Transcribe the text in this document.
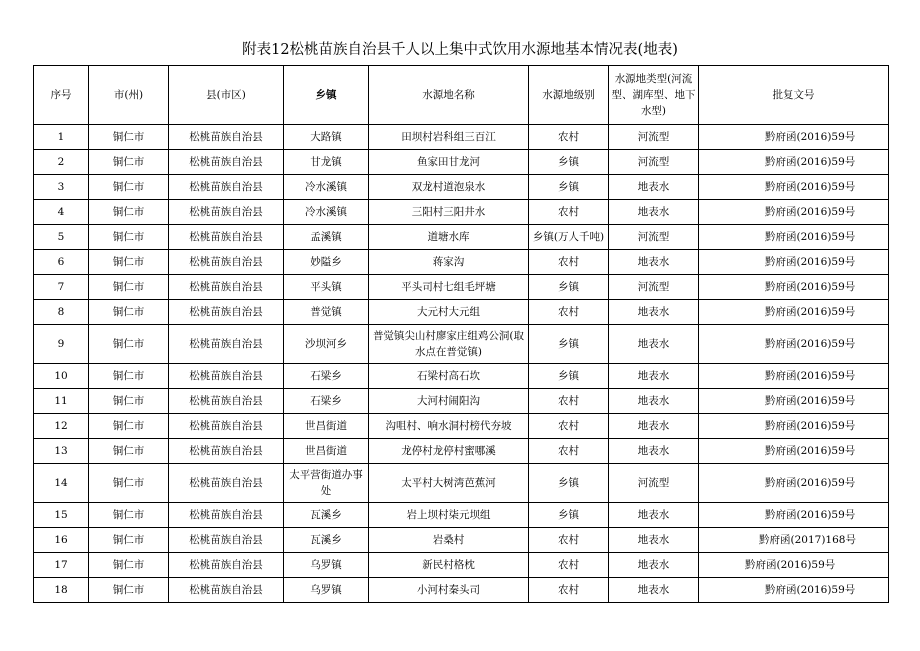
附表12松桃苗族自治县千人以上集中式饮用水源地基本情况表(地表)
序号	市(州)	县(市区)	乡镇	水源地名称	水源地级别	水源地类型(河流型、湖库型、地下水型)	批复文号
1	铜仁市	松桃苗族自治县	大路镇	田坝村岩科组三百江	农村	河流型	黔府函(2016)59号
2	铜仁市	松桃苗族自治县	甘龙镇	鱼家田甘龙河	乡镇	河流型	黔府函(2016)59号
3	铜仁市	松桃苗族自治县	冷水溪镇	双龙村道泡泉水	乡镇	地表水	黔府函(2016)59号
4	铜仁市	松桃苗族自治县	冷水溪镇	三阳村三阳井水	农村	地表水	黔府函(2016)59号
5	铜仁市	松桃苗族自治县	孟溪镇	道塘水库	乡镇(万人千吨)	河流型	黔府函(2016)59号
6	铜仁市	松桃苗族自治县	妙隘乡	蒋家沟	农村	地表水	黔府函(2016)59号
7	铜仁市	松桃苗族自治县	平头镇	平头司村七组毛坪塘	乡镇	河流型	黔府函(2016)59号
8	铜仁市	松桃苗族自治县	普觉镇	大元村大元组	农村	地表水	黔府函(2016)59号
9	铜仁市	松桃苗族自治县	沙坝河乡	普觉镇尖山村廖家庄组鸡公洞(取水点在普觉镇)	乡镇	地表水	黔府函(2016)59号
10	铜仁市	松桃苗族自治县	石梁乡	石梁村高石坎	乡镇	地表水	黔府函(2016)59号
11	铜仁市	松桃苗族自治县	石梁乡	大河村闹阳沟	农村	地表水	黔府函(2016)59号
12	铜仁市	松桃苗族自治县	世昌街道	沟咀村、响水洞村榜代夯坡	农村	地表水	黔府函(2016)59号
13	铜仁市	松桃苗族自治县	世昌街道	龙停村龙停村蜜哪溪	农村	地表水	黔府函(2016)59号
14	铜仁市	松桃苗族自治县	太平营街道办事处	太平村大树湾芭蕉河	乡镇	河流型	黔府函(2016)59号
15	铜仁市	松桃苗族自治县	瓦溪乡	岩上坝村柒元坝组	乡镇	地表水	黔府函(2016)59号
16	铜仁市	松桃苗族自治县	瓦溪乡	岩桑村	农村	地表水	黔府函(2017)168号
17	铜仁市	松桃苗族自治县	乌罗镇	新民村格枕	农村	地表水	黔府函(2016)59号
18	铜仁市	松桃苗族自治县	乌罗镇	小河村秦头司	农村	地表水	黔府函(2016)59号
